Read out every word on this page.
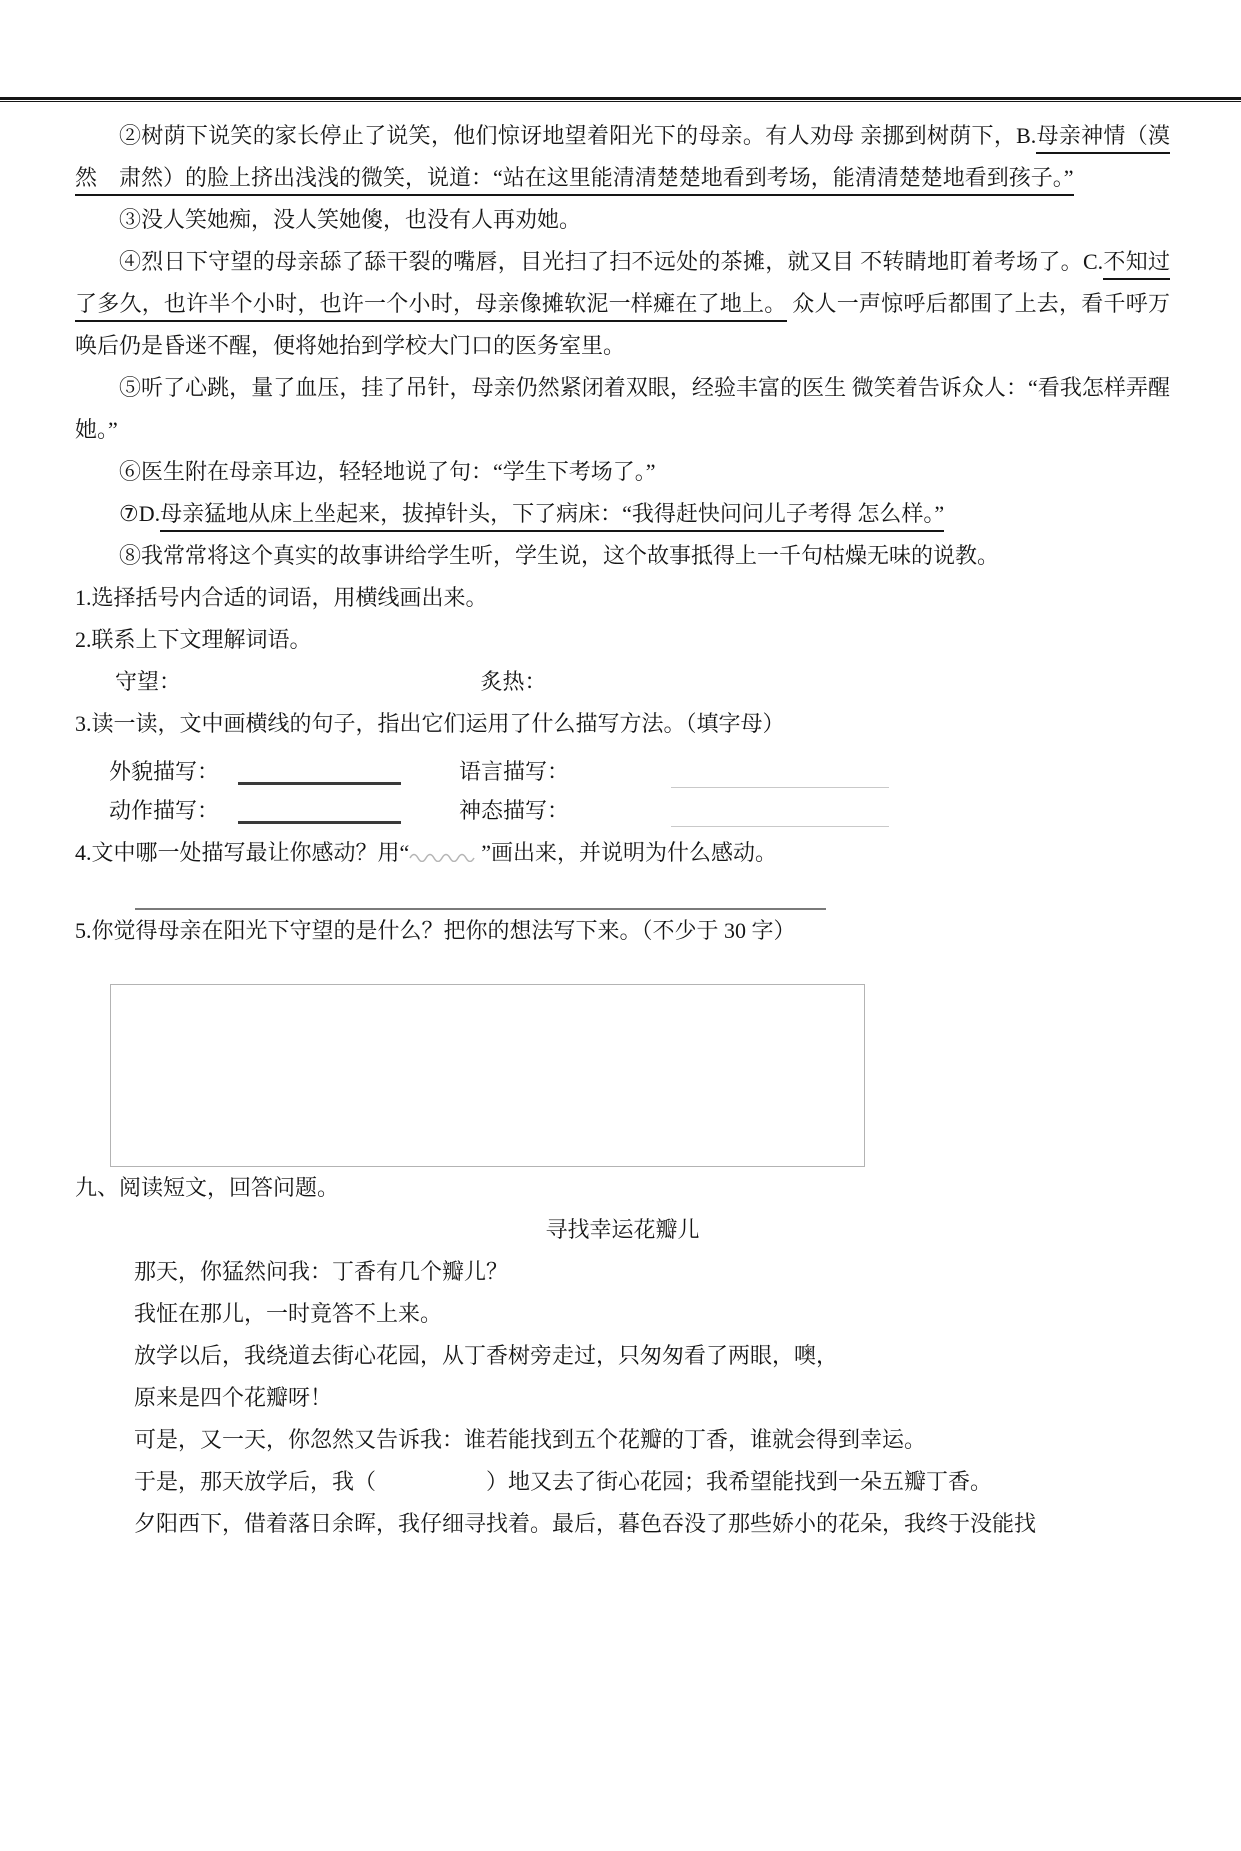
②树荫下说笑的家长停止了说笑，他们惊讶地望着阳光下的母亲。有人劝母 亲挪到树荫下，B.母亲神情（漠然　肃然）的脸上挤出浅浅的微笑，说道：“站在这里能清清楚楚地看到考场，能清清楚楚地看到孩子。”

③没人笑她痴，没人笑她傻，也没有人再劝她。

④烈日下守望的母亲舔了舔干裂的嘴唇，目光扫了扫不远处的茶摊，就又目 不转睛地盯着考场了。C.不知过了多久，也许半个小时，也许一个小时，母亲像摊软泥一样瘫在了地上。 众人一声惊呼后都围了上去，看千呼万唤后仍是昏迷不醒，便将她抬到学校大门口的医务室里。

⑤听了心跳，量了血压，挂了吊针，母亲仍然紧闭着双眼，经验丰富的医生 微笑着告诉众人：“看我怎样弄醒她。”

⑥医生附在母亲耳边，轻轻地说了句：“学生下考场了。”

⑦D.母亲猛地从床上坐起来，拔掉针头，下了病床：“我得赶快问问儿子考得 怎么样。”

⑧我常常将这个真实的故事讲给学生听，学生说，这个故事抵得上一千句枯燥无味的说教。

1.选择括号内合适的词语，用横线画出来。

2.联系上下文理解词语。

守望：	炙热：

3.读一读，文中画横线的句子，指出它们运用了什么描写方法。（填字母）

外貌描写：	语言描写：
动作描写：	神态描写：

4.文中哪一处描写最让你感动？用“	”画出来，并说明为什么感动。

5.你觉得母亲在阳光下守望的是什么？把你的想法写下来。（不少于 30 字）

九、阅读短文，回答问题。

寻找幸运花瓣儿

那天，你猛然问我：丁香有几个瓣儿？

我怔在那儿，一时竟答不上来。

放学以后，我绕道去街心花园，从丁香树旁走过，只匆匆看了两眼，噢，

原来是四个花瓣呀！

可是，又一天，你忽然又告诉我：谁若能找到五个花瓣的丁香，谁就会得到幸运。

于是，那天放学后，我（　　　　　）地又去了街心花园；我希望能找到一朵五瓣丁香。

夕阳西下，借着落日余晖，我仔细寻找着。最后，暮色吞没了那些娇小的花朵，我终于没能找
